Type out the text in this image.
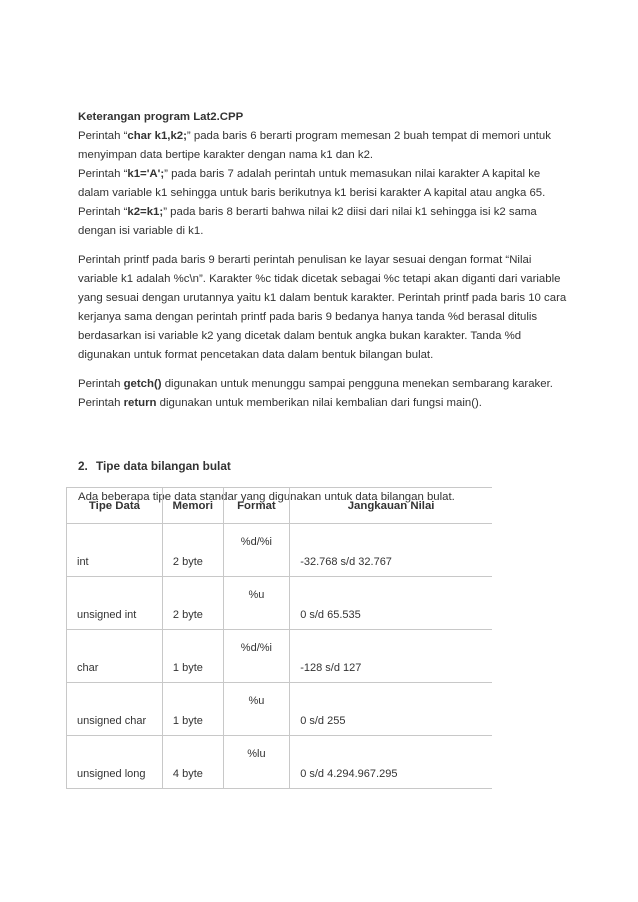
Keterangan program Lat2.CPP

Perintah “char k1,k2;” pada baris 6 berarti program memesan 2 buah tempat di memori untuk menyimpan data bertipe karakter dengan nama k1 dan k2.

Perintah “k1='A';” pada baris 7 adalah perintah untuk memasukan nilai karakter A kapital ke dalam variable k1 sehingga untuk baris berikutnya k1 berisi karakter A kapital atau angka 65.

Perintah “k2=k1;” pada baris 8 berarti bahwa nilai k2 diisi dari nilai k1 sehingga isi k2 sama dengan isi variable di k1.

Perintah printf pada baris 9 berarti perintah penulisan ke layar sesuai dengan format “Nilai variable k1 adalah %c\n”. Karakter %c tidak dicetak sebagai %c tetapi akan diganti dari variable yang sesuai dengan urutannya yaitu k1 dalam bentuk karakter. Perintah printf pada baris 10 cara kerjanya sama dengan perintah printf pada baris 9 bedanya hanya tanda %d berasal ditulis berdasarkan isi variable k2 yang dicetak dalam bentuk angka bukan karakter. Tanda %d digunakan untuk format pencetakan data dalam bentuk bilangan bulat.

Perintah getch() digunakan untuk menunggu sampai pengguna menekan sembarang karaker.

Perintah return digunakan untuk memberikan nilai kembalian dari fungsi main().

2. Tipe data bilangan bulat

Ada beberapa tipe data standar yang digunakan untuk data bilangan bulat.

Tipe Data	Memori	Format	Jangkauan Nilai

int	2 byte	%d/%i	-32.768 s/d 32.767

unsigned int	2 byte	%u	0 s/d 65.535

char	1 byte	%d/%i	-128 s/d 127

unsigned char	1 byte	%u	0 s/d 255

unsigned long	4 byte	%lu	0 s/d 4.294.967.295
